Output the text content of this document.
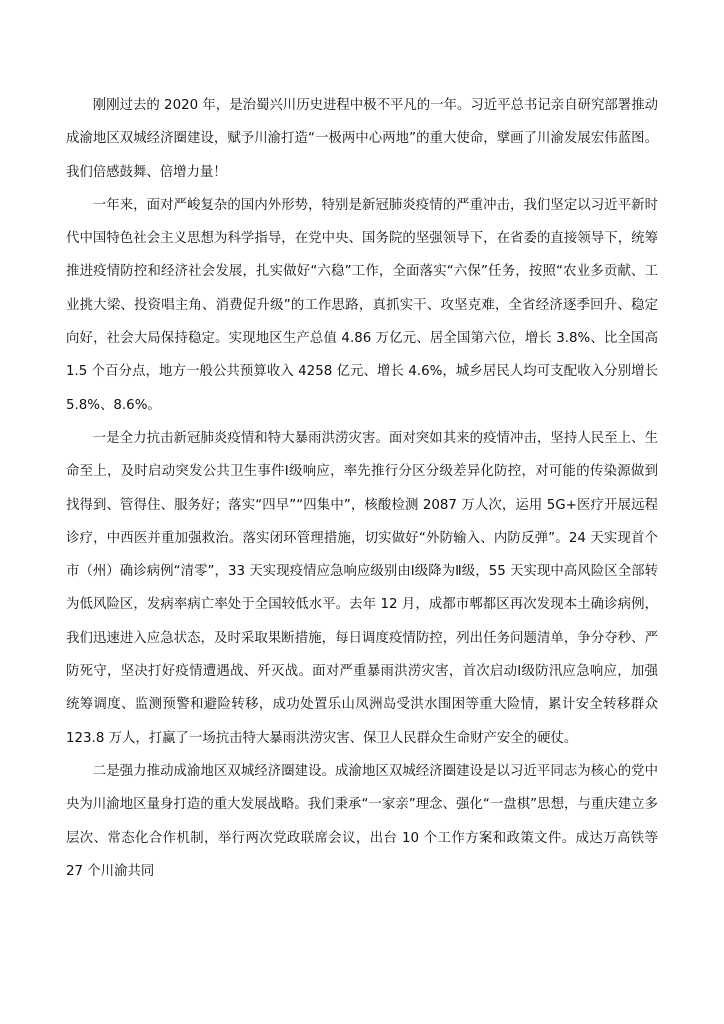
刚刚过去的 2020 年，是治蜀兴川历史进程中极不平凡的一年。习近平总书记亲自研究部署推动成渝地区双城经济圈建设，赋予川渝打造“一极两中心两地”的重大使命，擘画了川渝发展宏伟蓝图。我们倍感鼓舞、倍增力量！

一年来，面对严峻复杂的国内外形势，特别是新冠肺炎疫情的严重冲击，我们坚定以习近平新时代中国特色社会主义思想为科学指导，在党中央、国务院的坚强领导下，在省委的直接领导下，统筹推进疫情防控和经济社会发展，扎实做好“六稳”工作，全面落实“六保”任务，按照“农业多贡献、工业挑大梁、投资唱主角、消费促升级”的工作思路，真抓实干、攻坚克难，全省经济逐季回升、稳定向好，社会大局保持稳定。实现地区生产总值 4.86 万亿元、居全国第六位，增长 3.8%、比全国高 1.5 个百分点，地方一般公共预算收入 4258 亿元、增长 4.6%，城乡居民人均可支配收入分别增长 5.8%、8.6%。

一是全力抗击新冠肺炎疫情和特大暴雨洪涝灾害。面对突如其来的疫情冲击，坚持人民至上、生命至上，及时启动突发公共卫生事件Ⅰ级响应，率先推行分区分级差异化防控，对可能的传染源做到找得到、管得住、服务好；落实“四早”“四集中”，核酸检测 2087 万人次，运用 5G+医疗开展远程诊疗，中西医并重加强救治。落实闭环管理措施，切实做好“外防输入、内防反弹”。24 天实现首个市（州）确诊病例“清零”，33 天实现疫情应急响应级别由Ⅰ级降为Ⅱ级，55 天实现中高风险区全部转为低风险区，发病率病亡率处于全国较低水平。去年 12 月，成都市郫都区再次发现本土确诊病例，我们迅速进入应急状态，及时采取果断措施，每日调度疫情防控，列出任务问题清单，争分夺秒、严防死守，坚决打好疫情遭遇战、歼灭战。面对严重暴雨洪涝灾害，首次启动Ⅰ级防汛应急响应，加强统筹调度、监测预警和避险转移，成功处置乐山凤洲岛受洪水围困等重大险情，累计安全转移群众 123.8 万人，打赢了一场抗击特大暴雨洪涝灾害、保卫人民群众生命财产安全的硬仗。

二是强力推动成渝地区双城经济圈建设。成渝地区双城经济圈建设是以习近平同志为核心的党中央为川渝地区量身打造的重大发展战略。我们秉承“一家亲”理念、强化“一盘棋”思想，与重庆建立多层次、常态化合作机制，举行两次党政联席会议，出台 10 个工作方案和政策文件。成达万高铁等 27 个川渝共同
